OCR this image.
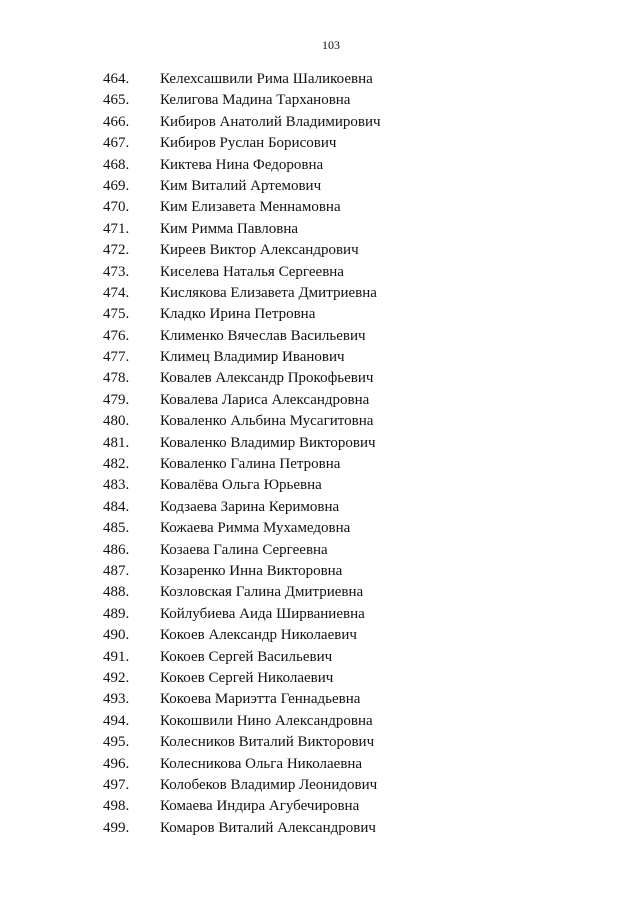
103
464.	Келехсашвили Рима Шаликоевна
465.	Келигова Мадина Тархановна
466.	Кибиров Анатолий Владимирович
467.	Кибиров Руслан Борисович
468.	Киктева Нина Федоровна
469.	Ким Виталий Артемович
470.	Ким Елизавета Меннамовна
471.	Ким Римма Павловна
472.	Киреев Виктор Александрович
473.	Киселева Наталья Сергеевна
474.	Кислякова Елизавета Дмитриевна
475.	Кладко Ирина Петровна
476.	Клименко Вячеслав Васильевич
477.	Климец Владимир Иванович
478.	Ковалев Александр Прокофьевич
479.	Ковалева Лариса Александровна
480.	Коваленко Альбина Мусагитовна
481.	Коваленко Владимир Викторович
482.	Коваленко Галина Петровна
483.	Ковалёва Ольга Юрьевна
484.	Кодзаева Зарина Керимовна
485.	Кожаева Римма Мухамедовна
486.	Козаева Галина Сергеевна
487.	Козаренко Инна Викторовна
488.	Козловская Галина Дмитриевна
489.	Койлубиева Аида Ширваниевна
490.	Кокоев Александр Николаевич
491.	Кокоев Сергей Васильевич
492.	Кокоев Сергей Николаевич
493.	Кокоева Мариэтта Геннадьевна
494.	Кокошвили Нино Александровна
495.	Колесников Виталий Викторович
496.	Колесникова Ольга Николаевна
497.	Колобеков Владимир Леонидович
498.	Комаева Индира Агубечировна
499.	Комаров Виталий Александрович
